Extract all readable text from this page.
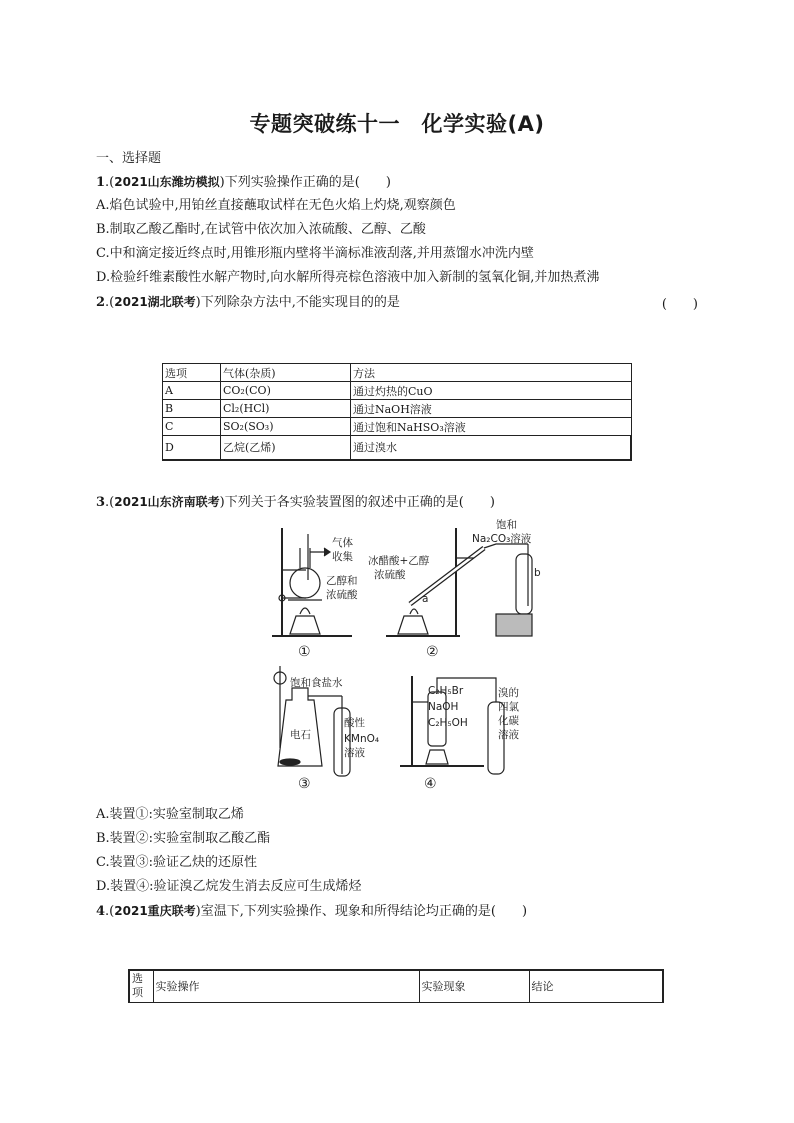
专题突破练十一　化学实验(A)
一、选择题
1.(2021山东潍坊模拟)下列实验操作正确的是(　　)
A.焰色试验中,用铂丝直接蘸取试样在无色火焰上灼烧,观察颜色
B.制取乙酸乙酯时,在试管中依次加入浓硫酸、乙醇、乙酸
C.中和滴定接近终点时,用锥形瓶内壁将半滴标准液刮落,并用蒸馏水冲洗内壁
D.检验纤维素酸性水解产物时,向水解所得亮棕色溶液中加入新制的氢氧化铜,并加热煮沸
2.(2021湖北联考)下列除杂方法中,不能实现目的的是	(　　)
选项	气体(杂质)	方法
A	CO₂(CO)	通过灼热的CuO
B	Cl₂(HCl)	通过NaOH溶液
C	SO₂(SO₃)	通过饱和NaHSO₃溶液
D	乙烷(乙烯)	通过溴水
3.(2021山东济南联考)下列关于各实验装置图的叙述中正确的是(　　)
气体
收集
乙醇和
浓硫酸
①
饱和
Na₂CO₃溶液
冰醋酸+乙醇
浓硫酸
a
b
②
饱和食盐水
电石
酸性
KMnO₄
溶液
③
C₂H₅Br
NaOH
C₂H₅OH
溴的
四氯
化碳
溶液
④
A.装置①:实验室制取乙烯
B.装置②:实验室制取乙酸乙酯
C.装置③:验证乙炔的还原性
D.装置④:验证溴乙烷发生消去反应可生成烯烃
4.(2021重庆联考)室温下,下列实验操作、现象和所得结论均正确的是(　　)
选项	实验操作	实验现象	结论
